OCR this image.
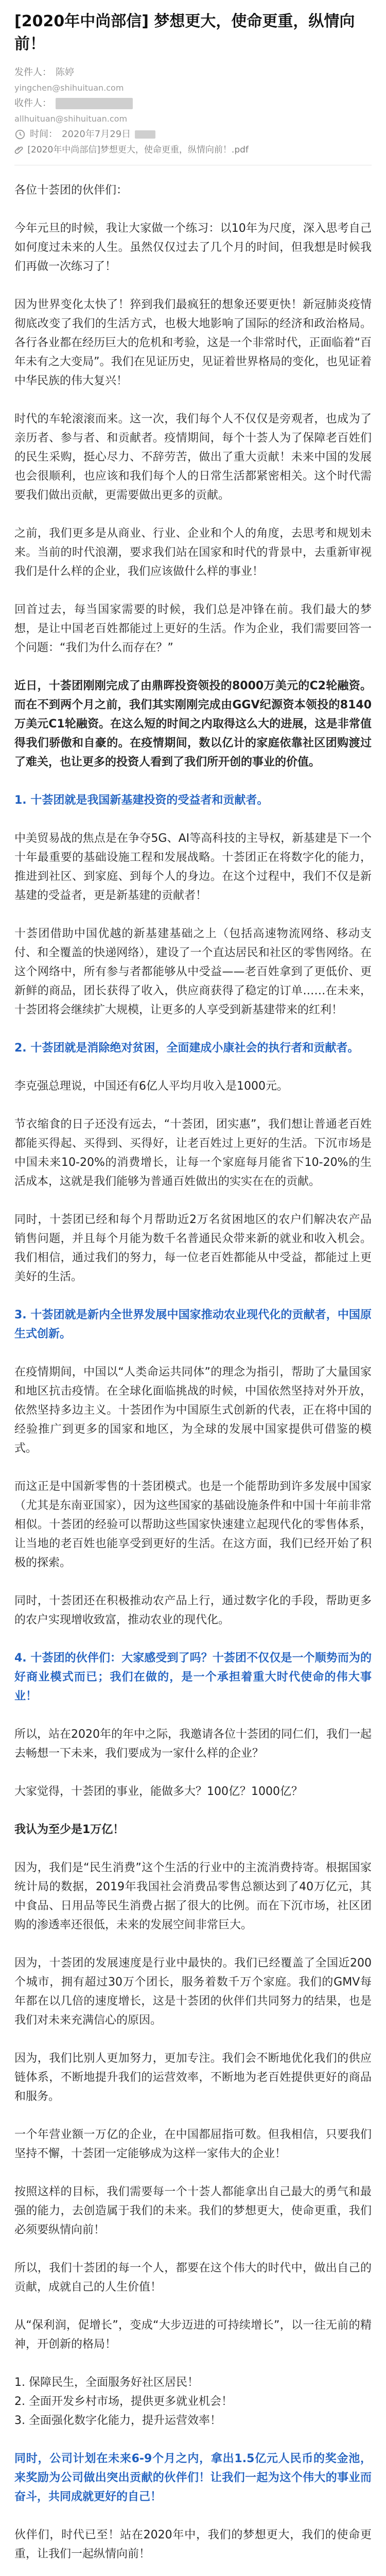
[2020年中尚部信] 梦想更大，使命更重，纵情向前！
发件人： 陈婷
yingchen@shihuituan.com
收件人：
allhuituan@shihuituan.com
时间： 2020年7月29日
[2020年中尚部信]梦想更大，使命更重，纵情向前！.pdf

各位十荟团的伙伴们：

今年元旦的时候，我让大家做一个练习：以10年为尺度，深入思考自己如何度过未来的人生。虽然仅仅过去了几个月的时间，但我想是时候我们再做一次练习了！

因为世界变化太快了！猝到我们最疯狂的想象还要更快！新冠肺炎疫情彻底改变了我们的生活方式，也极大地影响了国际的经济和政治格局。各行各业都在经历巨大的危机和考验，这是一个非常时代，正面临着“百年未有之大变局”。我们在见证历史，见证着世界格局的变化，也见证着中华民族的伟大复兴！

时代的车轮滚滚而来。这一次，我们每个人不仅仅是旁观者，也成为了亲历者、参与者、和贡献者。疫情期间，每个十荟人为了保障老百姓们的民生采购，挺心尽力、不辞劳苦，做出了重大贡献！未来中国的发展也会很顺利，也应该和我们每个人的日常生活都紧密相关。这个时代需要我们做出贡献，更需要做出更多的贡献。

之前，我们更多是从商业、行业、企业和个人的角度，去思考和规划未来。当前的时代浪潮，要求我们站在国家和时代的背景中，去重新审视我们是什么样的企业，我们应该做什么样的事业！

回首过去，每当国家需要的时候，我们总是冲锋在前。我们最大的梦想，是让中国老百姓都能过上更好的生活。作为企业，我们需要回答一个问题：“我们为什么而存在？”

近日，十荟团刚刚完成了由鼎晖投资领投的8000万美元的C2轮融资。而在不到两个月之前，我们其实刚刚完成由GGV纪源资本领投的8140万美元C1轮融资。在这么短的时间之内取得这么大的进展，这是非常值得我们骄傲和自豪的。在疫情期间，数以亿计的家庭依靠社区团购渡过了难关，也让更多的投资人看到了我们所开创的事业的价值。

1. 十荟团就是我国新基建投资的受益者和贡献者。

中美贸易战的焦点是在争夺5G、AI等高科技的主导权，新基建是下一个十年最重要的基础设施工程和发展战略。十荟团正在将数字化的能力，推进到社区、到家庭、到每个人的身边。在这个过程中，我们不仅是新基建的受益者，更是新基建的贡献者！

十荟团借助中国优越的新基建基础之上（包括高速物流网络、移动支付、和全覆盖的快递网络），建设了一个直达居民和社区的零售网络。在这个网络中，所有参与者都能够从中受益——老百姓拿到了更低价、更新鲜的商品，团长获得了收入，供应商获得了稳定的订单……在未来，十荟团将会继续扩大规模，让更多的人享受到新基建带来的红利！

2. 十荟团就是消除绝对贫困，全面建成小康社会的执行者和贡献者。

李克强总理说，中国还有6亿人平均月收入是1000元。

节衣缩食的日子还没有远去，“十荟团，团实惠”，我们想让普通老百姓都能买得起、买得到、买得好，让老百姓过上更好的生活。下沉市场是中国未来10-20%的消费增长，让每一个家庭每月能省下10-20%的生活成本，这就是我们能够为普通百姓做出的实实在在的贡献。

同时，十荟团已经和每个月帮助近2万名贫困地区的农户们解决农产品销售问题，并且每个月能为数千名普通民众带来新的就业和收入机会。我们相信，通过我们的努力，每一位老百姓都能从中受益，都能过上更美好的生活。

3. 十荟团就是新内全世界发展中国家推动农业现代化的贡献者，中国原生式创新。

在疫情期间，中国以“人类命运共同体”的理念为指引，帮助了大量国家和地区抗击疫情。在全球化面临挑战的时候，中国依然坚持对外开放，依然坚持多边主义。十荟团作为中国原生式创新的代表，正在将中国的经验推广到更多的国家和地区，为全球的发展中国家提供可借鉴的模式。

而这正是中国新零售的十荟团模式。也是一个能帮助到许多发展中国家（尤其是东南亚国家），因为这些国家的基础设施条件和中国十年前非常相似。十荟团的经验可以帮助这些国家快速建立起现代化的零售体系，让当地的老百姓也能享受到更好的生活。在这方面，我们已经开始了积极的探索。

同时，十荟团还在积极推动农产品上行，通过数字化的手段，帮助更多的农户实现增收致富，推动农业的现代化。

4. 十荟团的伙伴们：大家感受到了吗？十荟团不仅仅是一个顺势而为的好商业模式而已；我们在做的，是一个承担着重大时代使命的伟大事业！

所以，站在2020年的年中之际，我邀请各位十荟团的同仁们，我们一起去畅想一下未来，我们要成为一家什么样的企业？

大家觉得，十荟团的事业，能做多大？100亿？1000亿？

我认为至少是1万亿！

因为，我们是“民生消费”这个生活的行业中的主流消费持寄。根据国家统计局的数据，2019年我国社会消费品零售总额达到了40万亿元，其中食品、日用品等民生消费占据了很大的比例。而在下沉市场，社区团购的渗透率还很低，未来的发展空间非常巨大。

因为，十荟团的发展速度是行业中最快的。我们已经覆盖了全国近200个城市，拥有超过30万个团长，服务着数千万个家庭。我们的GMV每年都在以几倍的速度增长，这是十荟团的伙伴们共同努力的结果，也是我们对未来充满信心的原因。

因为，我们比别人更加努力，更加专注。我们会不断地优化我们的供应链体系，不断地提升我们的运营效率，不断地为老百姓提供更好的商品和服务。

一个年营业额一万亿的企业，在中国都屈指可数。但我相信，只要我们坚持不懈，十荟团一定能够成为这样一家伟大的企业！

按照这样的目标，我们需要每一个十荟人都能拿出自己最大的勇气和最强的能力，去创造属于我们的未来。我们的梦想更大，使命更重，我们必须要纵情向前！

所以，我们十荟团的每一个人，都要在这个伟大的时代中，做出自己的贡献，成就自己的人生价值！

从“保利润，促增长”，变成“大步迈进的可持续增长”，以一往无前的精神，开创新的格局！

1. 保障民生，全面服务好社区居民！
2. 全面开发乡村市场，提供更多就业机会！
3. 全面强化数字化能力，提升运营效率！

同时，公司计划在未来6-9个月之内，拿出1.5亿元人民币的奖金池，来奖励为公司做出突出贡献的伙伴们！让我们一起为这个伟大的事业而奋斗，共同成就更好的自己！

伙伴们，时代已至！站在2020年中，我们的梦想更大，我们的使命更重，让我们一起纵情向前！
